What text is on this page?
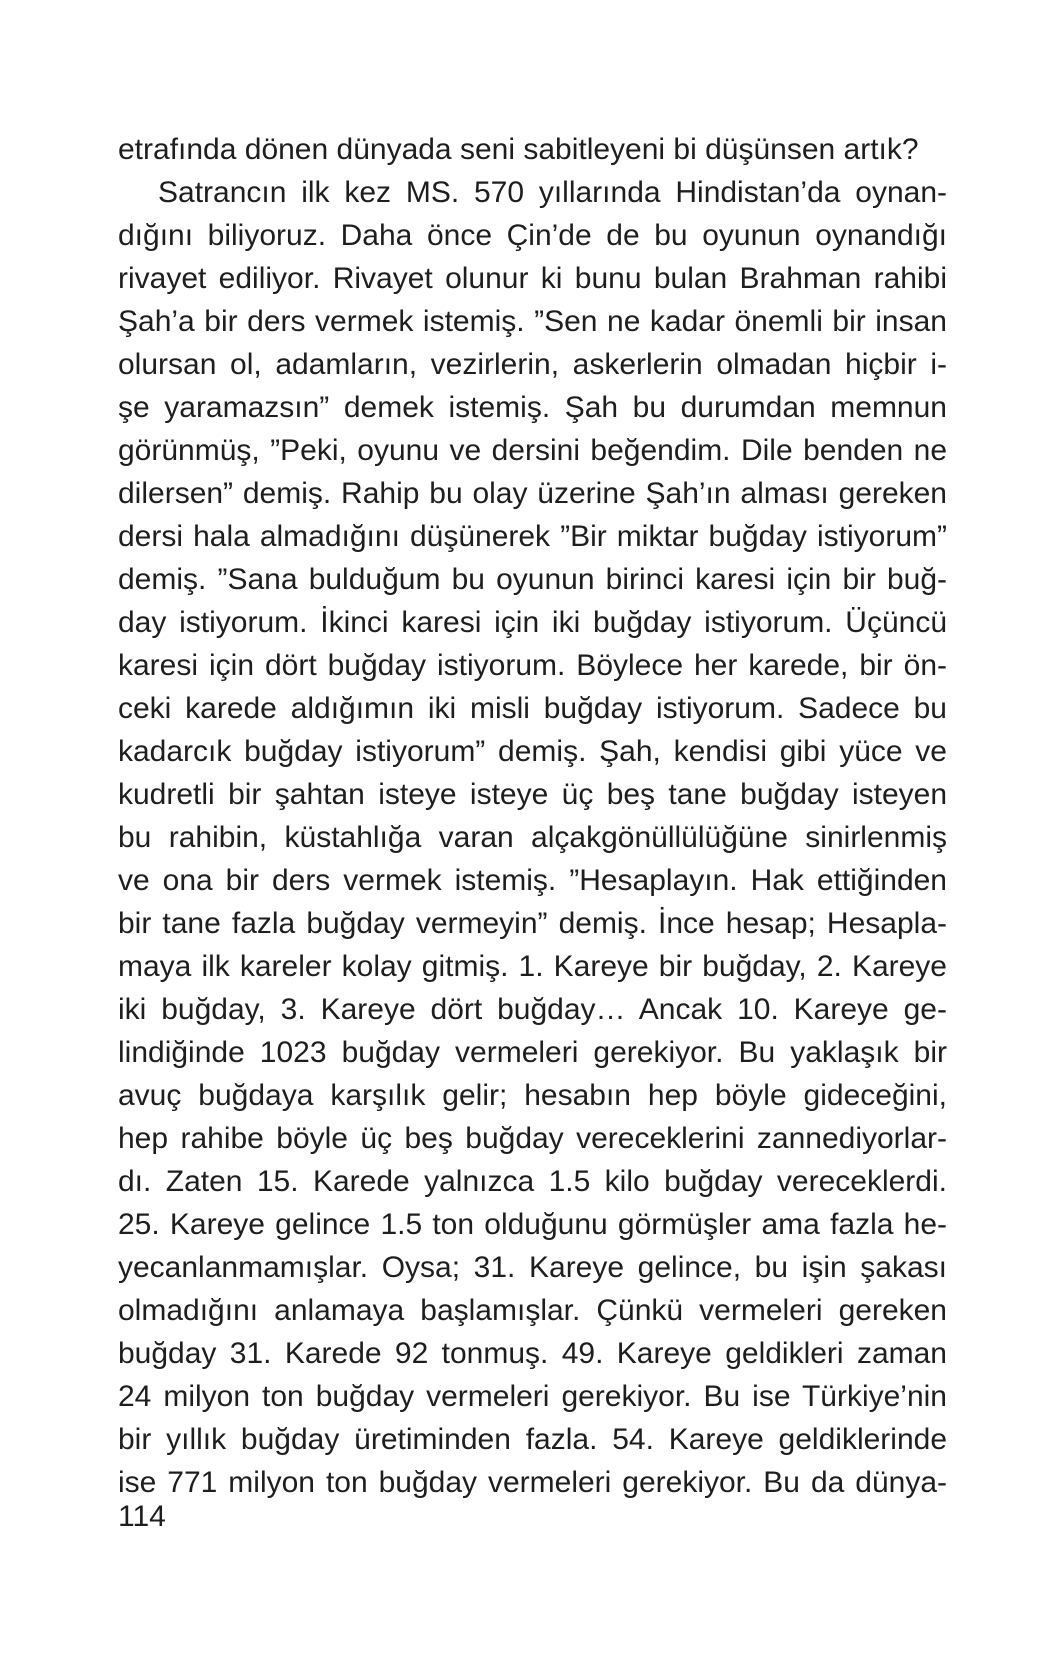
etrafında dönen dünyada seni sabitleyeni bi düşünsen artık?
Satrancın ilk kez MS. 570 yıllarında Hindistan’da oynan-
dığını biliyoruz. Daha önce Çin’de de bu oyunun oynandığı
rivayet ediliyor. Rivayet olunur ki bunu bulan Brahman rahibi
Şah’a bir ders vermek istemiş. ”Sen ne kadar önemli bir insan
olursan ol, adamların, vezirlerin, askerlerin olmadan hiçbir i-
şe yaramazsın” demek istemiş. Şah bu durumdan memnun
görünmüş, ”Peki, oyunu ve dersini beğendim. Dile benden ne
dilersen” demiş. Rahip bu olay üzerine Şah’ın alması gereken
dersi hala almadığını düşünerek ”Bir miktar buğday istiyorum”
demiş. ”Sana bulduğum bu oyunun birinci karesi için bir buğ-
day istiyorum. İkinci karesi için iki buğday istiyorum. Üçüncü
karesi için dört buğday istiyorum. Böylece her karede, bir ön-
ceki karede aldığımın iki misli buğday istiyorum. Sadece bu
kadarcık buğday istiyorum” demiş. Şah, kendisi gibi yüce ve
kudretli bir şahtan isteye isteye üç beş tane buğday isteyen
bu rahibin, küstahlığa varan alçakgönüllülüğüne sinirlenmiş
ve ona bir ders vermek istemiş. ”Hesaplayın. Hak ettiğinden
bir tane fazla buğday vermeyin” demiş. İnce hesap; Hesapla-
maya ilk kareler kolay gitmiş. 1. Kareye bir buğday, 2. Kareye
iki buğday, 3. Kareye dört buğday… Ancak 10. Kareye ge-
lindiğinde 1023 buğday vermeleri gerekiyor. Bu yaklaşık bir
avuç buğdaya karşılık gelir; hesabın hep böyle gideceğini,
hep rahibe böyle üç beş buğday vereceklerini zannediyorlar-
dı. Zaten 15. Karede yalnızca 1.5 kilo buğday vereceklerdi.
25. Kareye gelince 1.5 ton olduğunu görmüşler ama fazla he-
yecanlanmamışlar. Oysa; 31. Kareye gelince, bu işin şakası
olmadığını anlamaya başlamışlar. Çünkü vermeleri gereken
buğday 31. Karede 92 tonmuş. 49. Kareye geldikleri zaman
24 milyon ton buğday vermeleri gerekiyor. Bu ise Türkiye’nin
bir yıllık buğday üretiminden fazla. 54. Kareye geldiklerinde
ise 771 milyon ton buğday vermeleri gerekiyor. Bu da dünya-
114
